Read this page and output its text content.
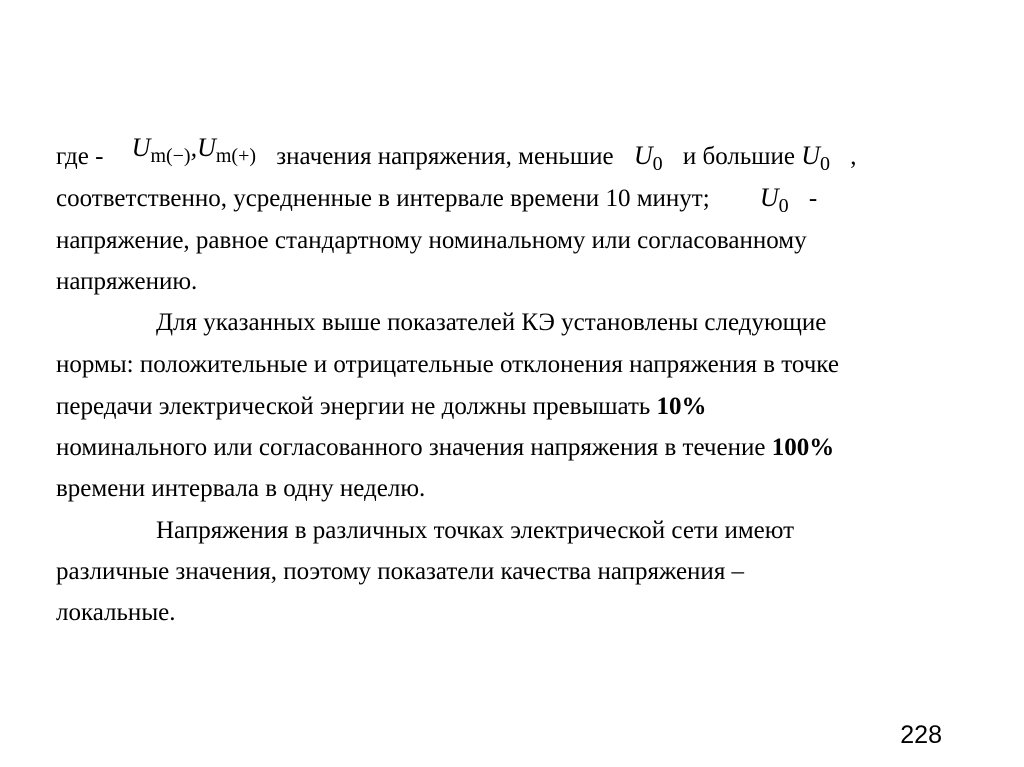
где - $U_{m(-)},U_{m(+)}$ значения напряжения, меньшие $U_0$ и большие $U_0$ ,
соответственно, усредненные в интервале времени 10 минут; $U_0$ -
напряжение, равное стандартному номинальному или согласованному
напряжению.
Для указанных выше показателей КЭ установлены следующие
нормы: положительные и отрицательные отклонения напряжения в точке
передачи электрической энергии не должны превышать 10%
номинального или согласованного значения напряжения в течение 100%
времени интервала в одну неделю.
Напряжения в различных точках электрической сети имеют
различные значения, поэтому показатели качества напряжения –
локальные.
228
